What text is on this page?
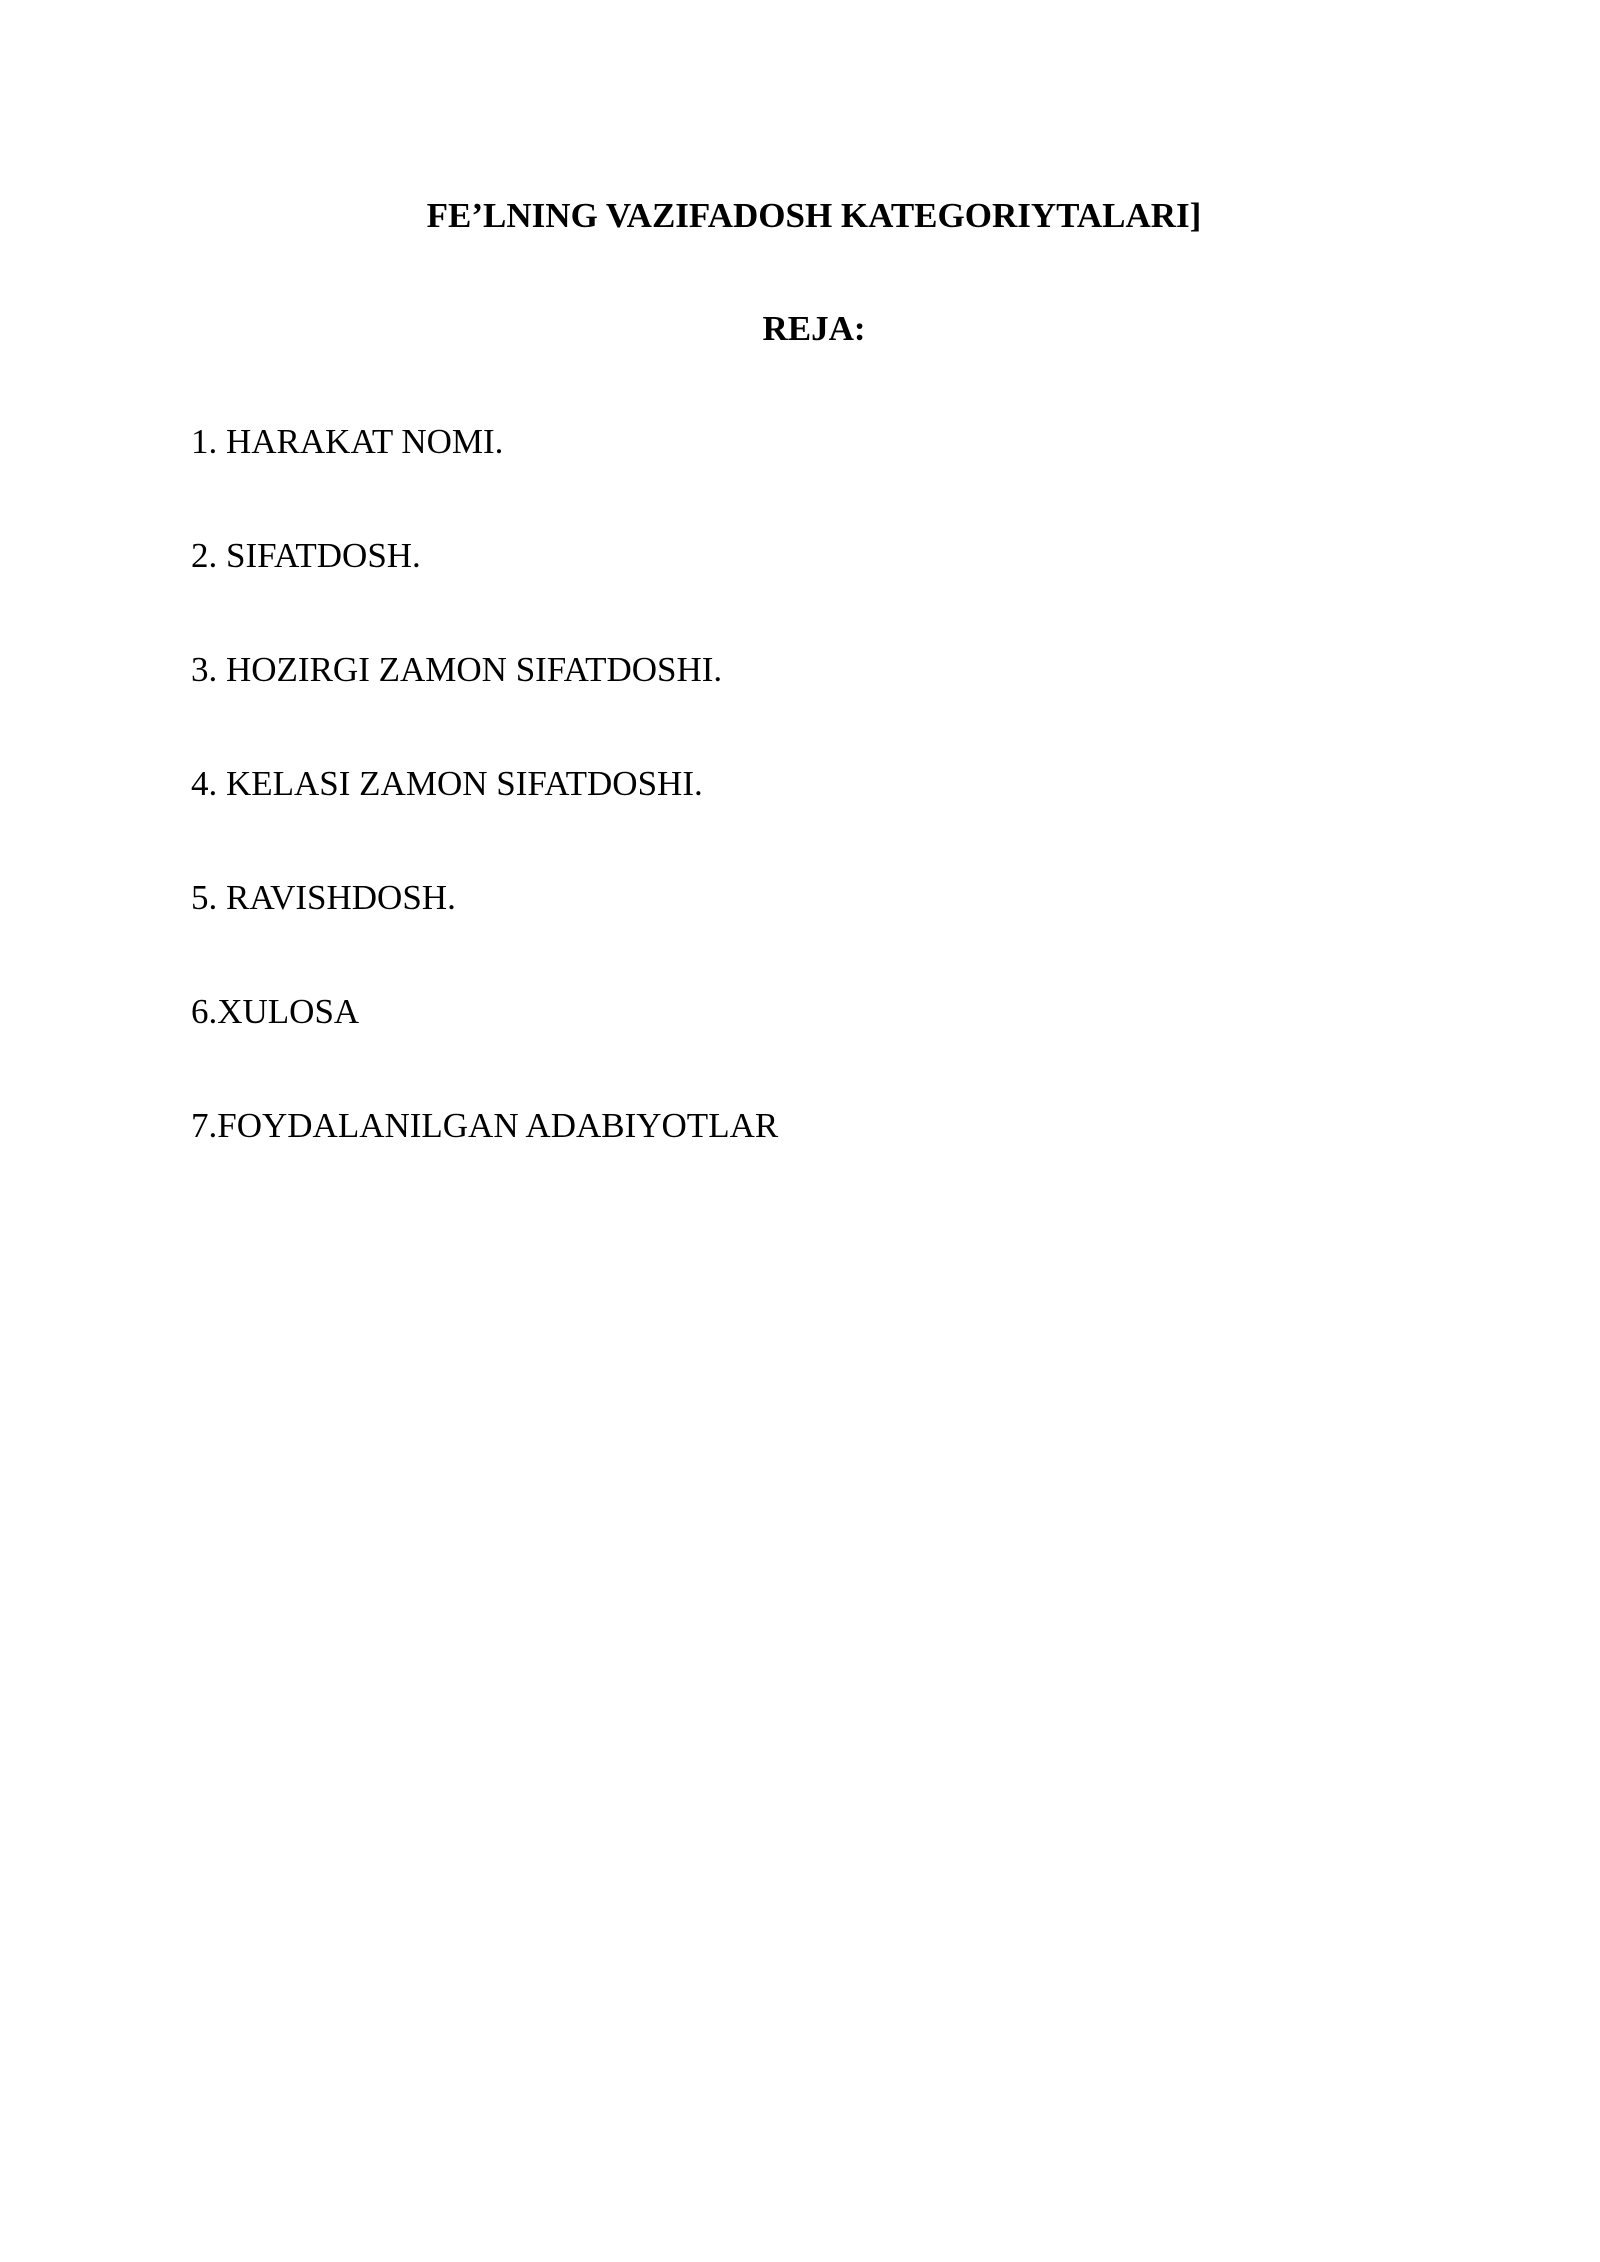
FE’LNING VAZIFADOSH KATEGORIYTALARI]
REJA:
1. HARAKAT NOMI.
2. SIFATDOSH.
3. HOZIRGI ZAMON SIFATDOSHI.
4. KELASI ZAMON SIFATDOSHI.
5. RAVISHDOSH.
6.XULOSA
7.FOYDALANILGAN ADABIYOTLAR
